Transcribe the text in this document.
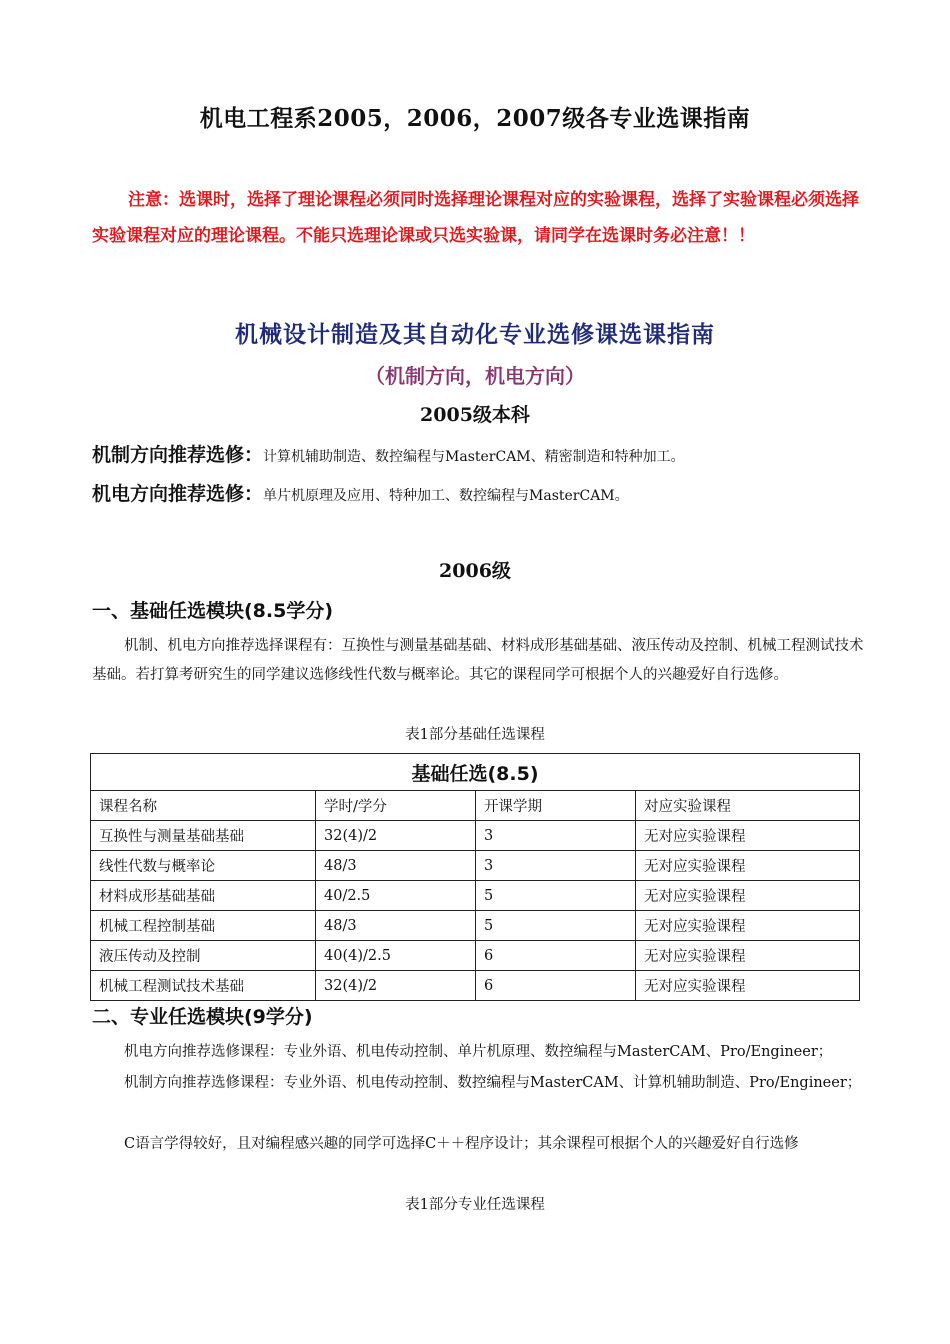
机电工程系2005，2006，2007级各专业选课指南
注意：选课时，选择了理论课程必须同时选择理论课程对应的实验课程，选择了实验课程必须选择实验课程对应的理论课程。不能只选理论课或只选实验课，请同学在选课时务必注意！！
机械设计制造及其自动化专业选修课选课指南
（机制方向，机电方向）
2005级本科
机制方向推荐选修：计算机辅助制造、数控编程与MasterCAM、精密制造和特种加工。
机电方向推荐选修：单片机原理及应用、特种加工、数控编程与MasterCAM。
2006级
一、基础任选模块(8.5学分)
机制、机电方向推荐选择课程有：互换性与测量基础基础、材料成形基础基础、液压传动及控制、机械工程测试技术基础。若打算考研究生的同学建议选修线性代数与概率论。其它的课程同学可根据个人的兴趣爱好自行选修。
表1部分基础任选课程
基础任选(8.5)			
课程名称	学时/学分	开课学期	对应实验课程
互换性与测量基础基础	32(4)/2	3	无对应实验课程
线性代数与概率论	48/3	3	无对应实验课程
材料成形基础基础	40/2.5	5	无对应实验课程
机械工程控制基础	48/3	5	无对应实验课程
液压传动及控制	40(4)/2.5	6	无对应实验课程
机械工程测试技术基础	32(4)/2	6	无对应实验课程
二、专业任选模块(9学分)
机电方向推荐选修课程：专业外语、机电传动控制、单片机原理、数控编程与MasterCAM、Pro/Engineer；
机制方向推荐选修课程：专业外语、机电传动控制、数控编程与MasterCAM、计算机辅助制造、Pro/Engineer；
C语言学得较好，且对编程感兴趣的同学可选择C＋＋程序设计；其余课程可根据个人的兴趣爱好自行选修
表1部分专业任选课程
